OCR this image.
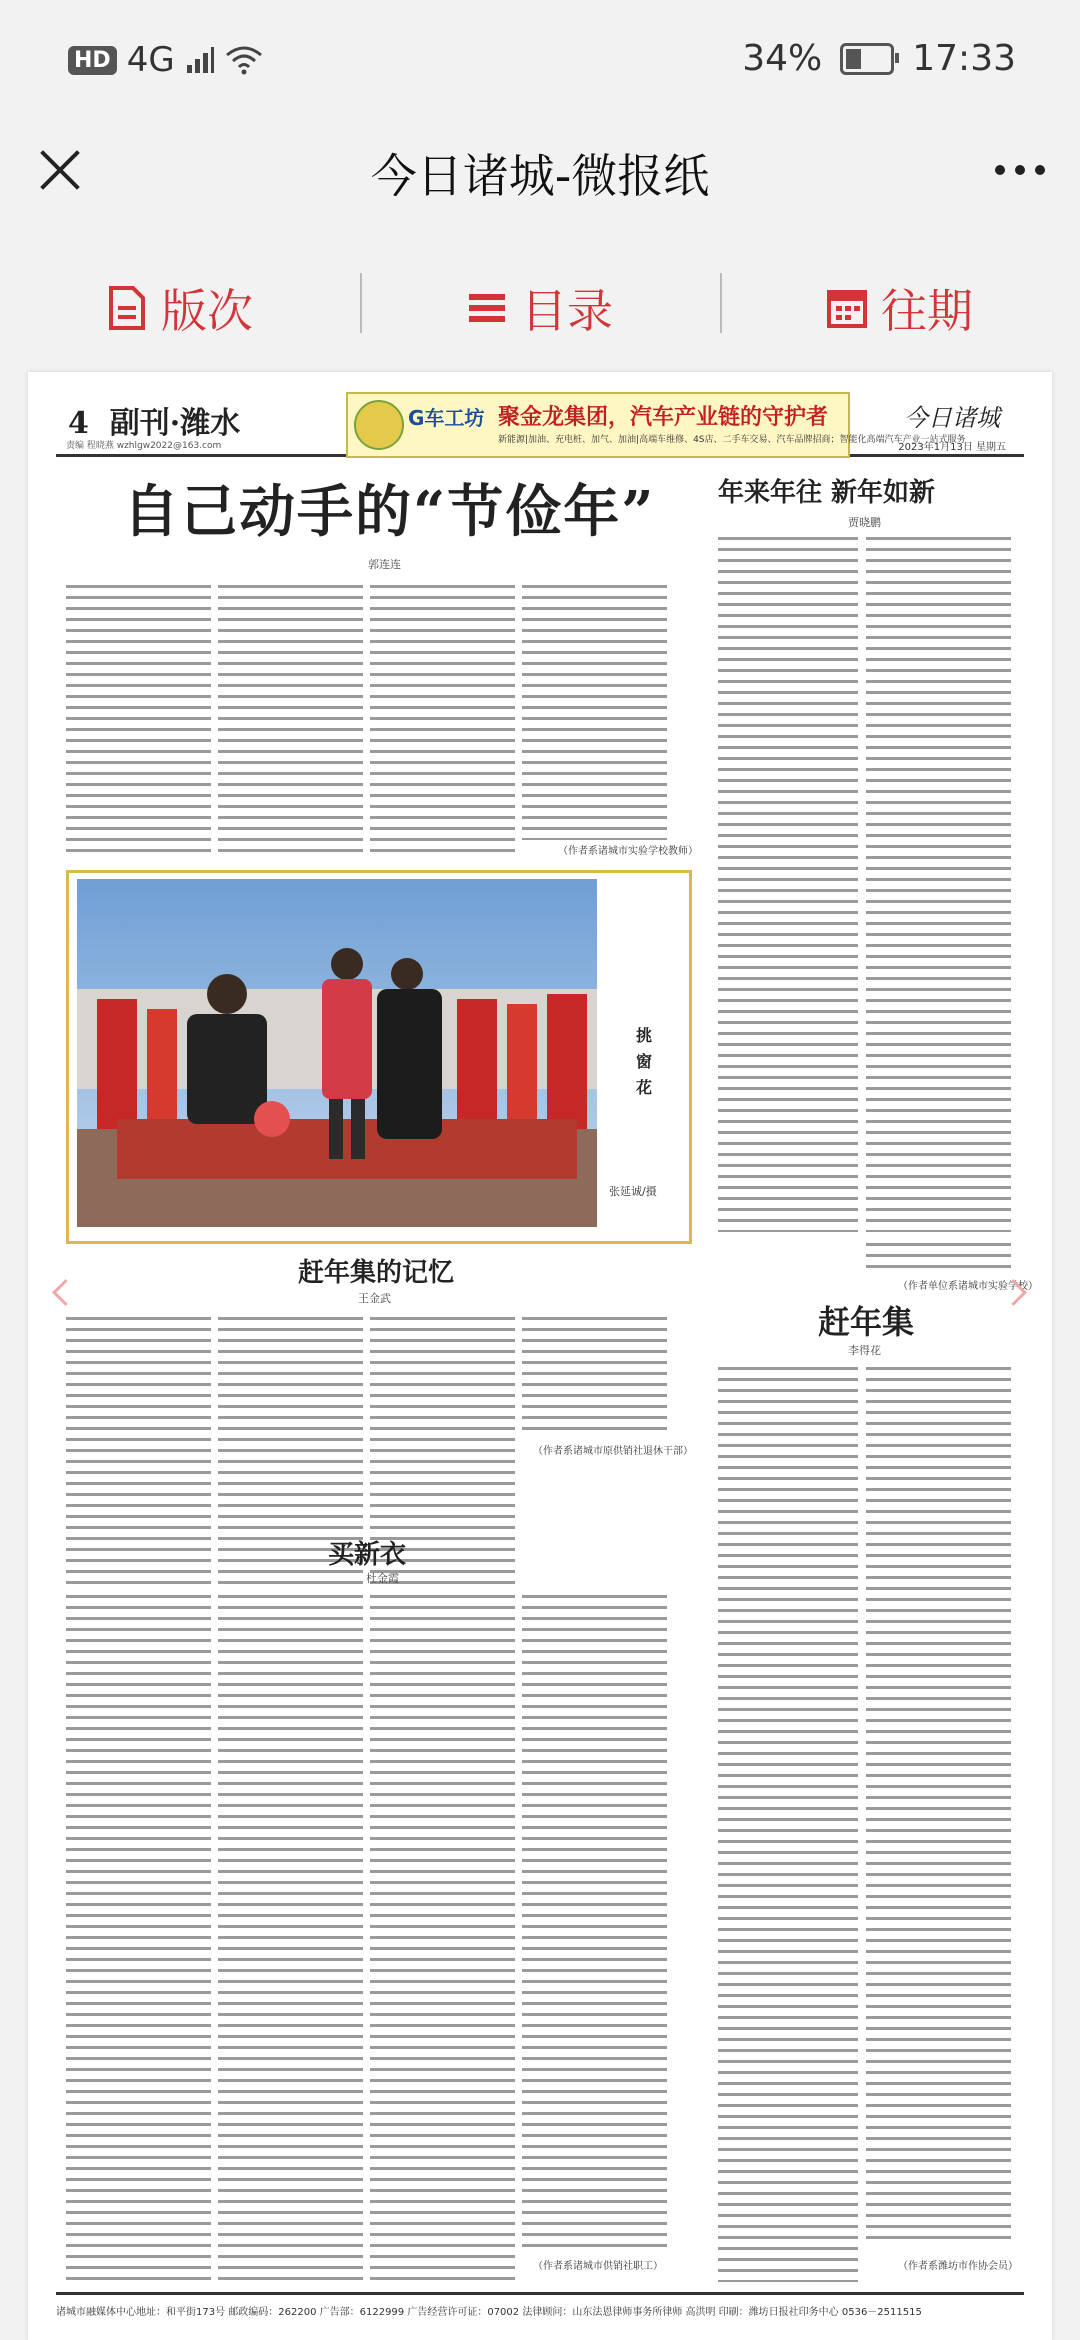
HD 4G	34%	17:33
今日诸城-微报纸
版次	目录	往期
4 副刊·潍水
责编 程晓燕 wzhlgw2022@163.com
G车工坊 聚金龙集团，汽车产业链的守护者
新能源|加油、充电桩、加气、加油|高端车维修、4S店、二手车交易、汽车品牌招商；智能化高端汽车产业一站式服务
今日诸城
2023年1月13日 星期五
自己动手的“节俭年”
郭连连
（作者系诸城市实验学校教师）
挑窗花
张延诚/摄
年来年往 新年如新
贾晓鹏
（作者单位系诸城市实验学校）
赶年集的记忆
王金武
（作者系诸城市原供销社退休干部）
赶年集
李得花
（作者系潍坊市作协会员）
买新衣
杜金霞
（作者系诸城市供销社职工）
诸城市融媒体中心地址：和平街173号 邮政编码：262200 广告部：6122999 广告经营许可证：07002 法律顾问：山东法恩律师事务所律师 高洪明 印刷：潍坊日报社印务中心 0536－2511515
